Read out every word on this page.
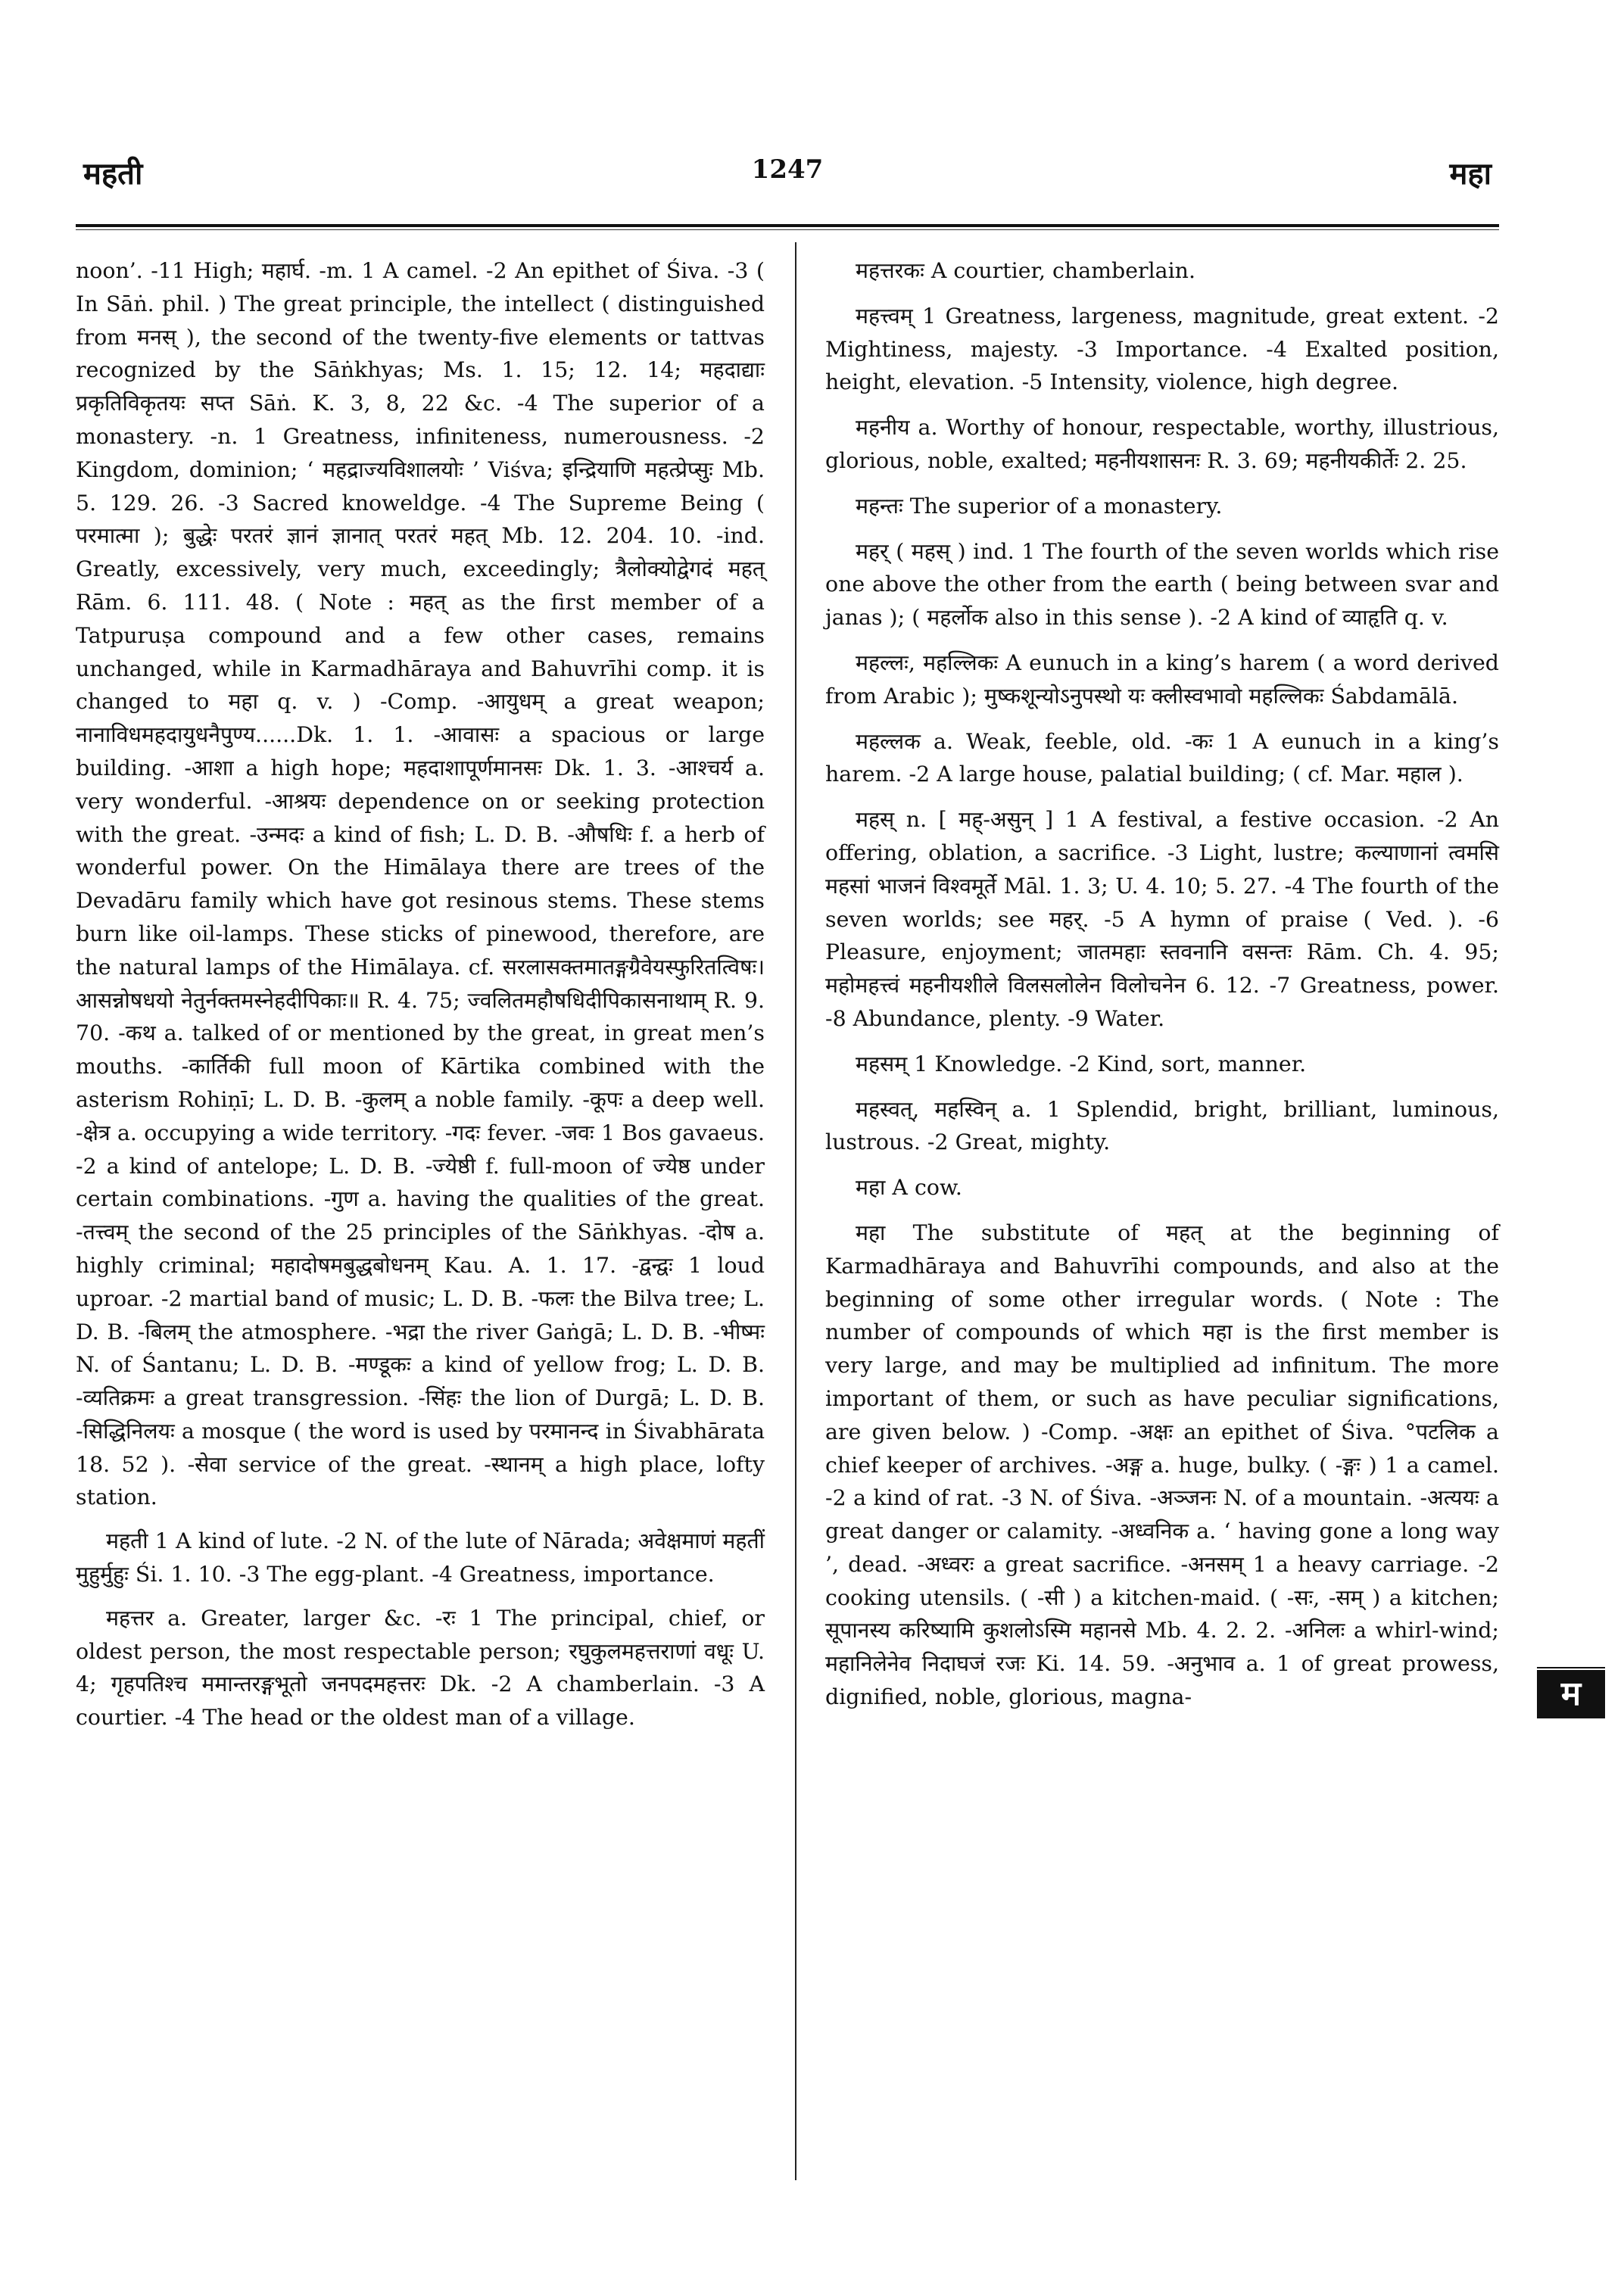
महती	1247	महा

noon’. -11 High; महार्घ. -m. 1 A camel. -2 An epithet of Śiva. -3 ( In Sāṅ. phil. ) The great principle, the intellect ( distinguished from मनस् ), the second of the twenty-five elements or tattvas recognized by the Sāṅkhyas; Ms. 1. 15; 12. 14; महदाद्याः प्रकृतिविकृतयः सप्त Sāṅ. K. 3, 8, 22 &c. -4 The superior of a monastery. -n. 1 Greatness, infiniteness, numerousness. -2 Kingdom, dominion; ‘ महद्राज्यविशालयोः ’ Viśva; इन्द्रियाणि महत्प्रेप्सुः Mb. 5. 129. 26. -3 Sacred knoweldge. -4 The Supreme Being ( परमात्मा ); बुद्धेः परतरं ज्ञानं ज्ञानात् परतरं महत् Mb. 12. 204. 10. -ind. Greatly, excessively, very much, exceedingly; त्रैलोक्योद्वेगदं महत् Rām. 6. 111. 48. ( Note : महत् as the first member of a Tatpuruṣa compound and a few other cases, remains unchanged, while in Karmadhāraya and Bahuvrīhi comp. it is changed to महा q. v. ) -Comp. -आयुधम् a great weapon; नानाविधमहदायुधनैपुण्य......Dk. 1. 1. -आवासः a spacious or large building. -आशा a high hope; महदाशापूर्णमानसः Dk. 1. 3. -आश्चर्य a. very wonderful. -आश्रयः dependence on or seeking protection with the great. -उन्मदः a kind of fish; L. D. B. -औषधिः f. a herb of wonderful power. On the Himālaya there are trees of the Devadāru family which have got resinous stems. These stems burn like oil-lamps. These sticks of pinewood, therefore, are the natural lamps of the Himālaya. cf. सरलासक्तमातङ्गग्रैवेयस्फुरितत्विषः। आसन्नोषधयो नेतुर्नक्तमस्नेहदीपिकाः॥ R. 4. 75; ज्वलितमहौषधिदीपिकासनाथाम् R. 9. 70. -कथ a. talked of or mentioned by the great, in great men’s mouths. -कार्तिकी full moon of Kārtika combined with the asterism Rohiṇī; L. D. B. -कुलम् a noble family. -कूपः a deep well. -क्षेत्र a. occupying a wide territory. -गदः fever. -जवः 1 Bos gavaeus. -2 a kind of antelope; L. D. B. -ज्येष्ठी f. full-moon of ज्येष्ठ under certain combinations. -गुण a. having the qualities of the great. -तत्त्वम् the second of the 25 principles of the Sāṅkhyas. -दोष a. highly criminal; महादोषमबुद्धबोधनम् Kau. A. 1. 17. -द्वन्द्वः 1 loud uproar. -2 martial band of music; L. D. B. -फलः the Bilva tree; L. D. B. -बिलम् the atmosphere. -भद्रा the river Gaṅgā; L. D. B. -भीष्मः N. of Śantanu; L. D. B. -मण्डूकः a kind of yellow frog; L. D. B. -व्यतिक्रमः a great transgression. -सिंहः the lion of Durgā; L. D. B. -सिद्धिनिलयः a mosque ( the word is used by परमानन्द in Śivabhārata 18. 52 ). -सेवा service of the great. -स्थानम् a high place, lofty station.

महती 1 A kind of lute. -2 N. of the lute of Nārada; अवेक्षमाणं महतीं मुहुर्मुहुः Śi. 1. 10. -3 The egg-plant. -4 Greatness, importance.

महत्तर a. Greater, larger &c. -रः 1 The principal, chief, or oldest person, the most respectable person; रघुकुलमहत्तराणां वधूः U. 4; गृहपतिश्च ममान्तरङ्गभूतो जनपदमहत्तरः Dk. -2 A chamberlain. -3 A courtier. -4 The head or the oldest man of a village.

महत्तरकः A courtier, chamberlain.

महत्त्वम् 1 Greatness, largeness, magnitude, great extent. -2 Mightiness, majesty. -3 Importance. -4 Exalted position, height, elevation. -5 Intensity, violence, high degree.

महनीय a. Worthy of honour, respectable, worthy, illustrious, glorious, noble, exalted; महनीयशासनः R. 3. 69; महनीयकीर्तेः 2. 25.

महन्तः The superior of a monastery.

महर् ( महस् ) ind. 1 The fourth of the seven worlds which rise one above the other from the earth ( being between svar and janas ); ( महर्लोक also in this sense ). -2 A kind of व्याहृति q. v.

महल्लः, महल्लिकः A eunuch in a king’s harem ( a word derived from Arabic ); मुष्कशून्योऽनुपस्थो यः क्लीस्वभावो महल्लिकः Śabdamālā.

महल्लक a. Weak, feeble, old. -कः 1 A eunuch in a king’s harem. -2 A large house, palatial building; ( cf. Mar. महाल ).

महस् n. [ मह्-असुन् ] 1 A festival, a festive occasion. -2 An offering, oblation, a sacrifice. -3 Light, lustre; कल्याणानां त्वमसि महसां भाजनं विश्वमूर्ते Māl. 1. 3; U. 4. 10; 5. 27. -4 The fourth of the seven worlds; see महर्. -5 A hymn of praise ( Ved. ). -6 Pleasure, enjoyment; जातमहाः स्तवनानि वसन्तः Rām. Ch. 4. 95; महोमहत्त्वं महनीयशीले विलसलोलेन विलोचनेन 6. 12. -7 Greatness, power. -8 Abundance, plenty. -9 Water.

महसम् 1 Knowledge. -2 Kind, sort, manner.

महस्वत्, महस्विन् a. 1 Splendid, bright, brilliant, luminous, lustrous. -2 Great, mighty.

महा A cow.

महा The substitute of महत् at the beginning of Karmadhāraya and Bahuvrīhi compounds, and also at the beginning of some other irregular words. ( Note : The number of compounds of which महा is the first member is very large, and may be multiplied ad infinitum. The more important of them, or such as have peculiar significations, are given below. ) -Comp. -अक्षः an epithet of Śiva. °पटलिक a chief keeper of archives. -अङ्ग a. huge, bulky. ( -ङ्गः ) 1 a camel. -2 a kind of rat. -3 N. of Śiva. -अञ्जनः N. of a mountain. -अत्ययः a great danger or calamity. -अध्वनिक a. ‘ having gone a long way ’, dead. -अध्वरः a great sacrifice. -अनसम् 1 a heavy carriage. -2 cooking utensils. ( -सी ) a kitchen-maid. ( -सः, -सम् ) a kitchen; सूपानस्य करिष्यामि कुशलोऽस्मि महानसे Mb. 4. 2. 2. -अनिलः a whirl-wind; महानिलेनेव निदाघजं रजः Ki. 14. 59. -अनुभाव a. 1 of great prowess, dignified, noble, glorious, magna-	म
